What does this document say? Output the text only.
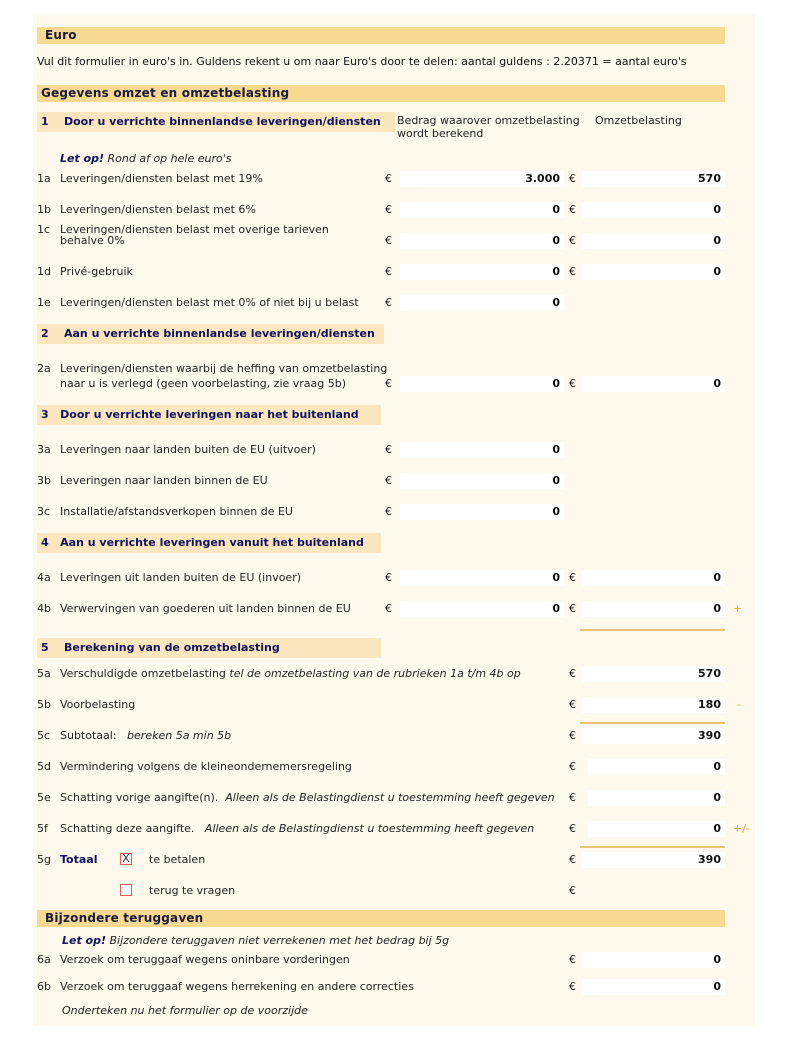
Euro
Vul dit formulier in euro's in. Guldens rekent u om naar Euro's door te delen: aantal guldens : 2.20371 = aantal euro's
Gegevens omzet en omzetbelasting
1 Door u verrichte binnenlandse leveringen/diensten Bedrag waarover omzetbelasting wordt berekend
Omzetbelasting
Let op! Rond af op hele euro's
1a Leveringen/diensten belast met 19%	€	3.000 €	570
1b Leveringen/diensten belast met 6%	€	0 €	0
1c Leveringen/diensten belast met overige tarieven
behalve 0%	€	0 €	0
1d Privé-gebruik	€	0 €	0
1e Leveringen/diensten belast met 0% of niet bij u belast €	0
2 Aan u verrichte binnenlandse leveringen/diensten
2a Leveringen/diensten waarbij de heffing van omzetbelasting
naar u is verlegd (geen voorbelasting, zie vraag 5b)	€	0 €	0
3 Door u verrichte leveringen naar het buitenland
3a Leveringen naar landen buiten de EU (uitvoer)	€	0
3b Leveringen naar landen binnen de EU	€	0
3c Installatie/afstandsverkopen binnen de EU	€	0
4 Aan u verrichte leveringen vanuit het buitenland
4a Leveringen uit landen buiten de EU (invoer)	€	0 €	0
4b Verwervingen van goederen uit landen binnen de EU	€	0 €	0	+
5 Berekening van de omzetbelasting
5a Verschuldigde omzetbelasting tel de omzetbelasting van de rubrieken 1a t/m 4b op	€	570
5b Voorbelasting	€	180	-
5c Subtotaal: bereken 5a min 5b	€	390
5d Vermindering volgens de kleineondernemersregeling	€	0
5e Schatting vorige aangifte(n). Alleen als de Belastingdienst u toestemming heeft gegeven €	0
5f Schatting deze aangifte. Alleen als de Belastingdienst u toestemming heeft gegeven	€	0	+/-
5g Totaal X te betalen	€	390
terug te vragen	€
Bijzondere teruggaven
Let op! Bijzondere teruggaven niet verrekenen met het bedrag bij 5g
6a Verzoek om teruggaaf wegens oninbare vorderingen	€	0
6b Verzoek om teruggaaf wegens herrekening en andere correcties	€	0
Onderteken nu het formulier op de voorzijde
